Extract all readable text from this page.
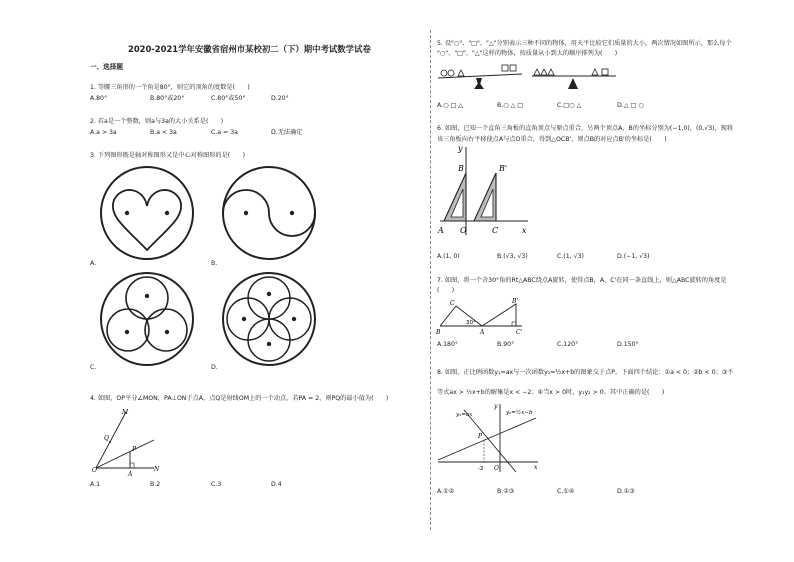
2020-2021学年安徽省宿州市某校初二（下）期中考试数学试卷
一、选择题
1. 等腰三角形的一个角是80°，则它的顶角的度数是(　　)
A.80°	B.80°或20°	C.80°或50°	D.20°
2. 若a是一个整数，则a与3a的大小关系是(　　)
A.a > 3a	B.a < 3a	C.a = 3a	D.无法确定
3. 下列图形既是轴对称图形又是中心对称图形的是(　　)
A.	B.
C.	D.
4. 如图，OP平分∠MON，PA⊥ON于点A，点Q是射线OM上的一个动点，若PA = 2，则PQ的最小值为(　　)
M
Q
P
O
A
N
A.1	B.2	C.3	D.4
5. 设"○"、"□"、"△"分别表示三种不同的物体，用天平比较它们质量的大小，两次情况如图所示，那么每个
"○"、"□"、"△"这样的物体，按质量从小到大的顺序排列为(　　)
A.○ □ △	B.○ △ □	C.□○ △	D.△ □ ○
6. 如图，已知一个直角三角板的直角顶点与原点重合，另两个顶点A，B的坐标分别为(−1,0)，(0,√3)，现将
该三角板向右平移使点A与点O重合，得到△OCB'，则点B的对应点B'的坐标是(　　)
y
B	B'
A O	C	x
A.(1, 0)	B.(√3, √3)	C.(1, √3)	D.(−1, √3)
7. 如图，将一个含30°角的Rt△ABC绕点A旋转，使得点B，A，C'在同一条直线上，则△ABC旋转的角度是
(　　)
C	B'
30°
B	A	C'
A.180°	B.90°	C.120°	D.150°
8. 如图，正比例函数y₁=ax与一次函数y₂=½x+b的图象交于点P。下面四个结论：①a < 0；②b < 0；③不
等式ax > ½x+b的解集是x < −2；④当x > 0时，y₁y₂ > 0。其中正确的是(　　)
y
y₁=ax	y₂=½x−b
P
-2 O	x
A.①②	B.②③	C.①④	D.①③
